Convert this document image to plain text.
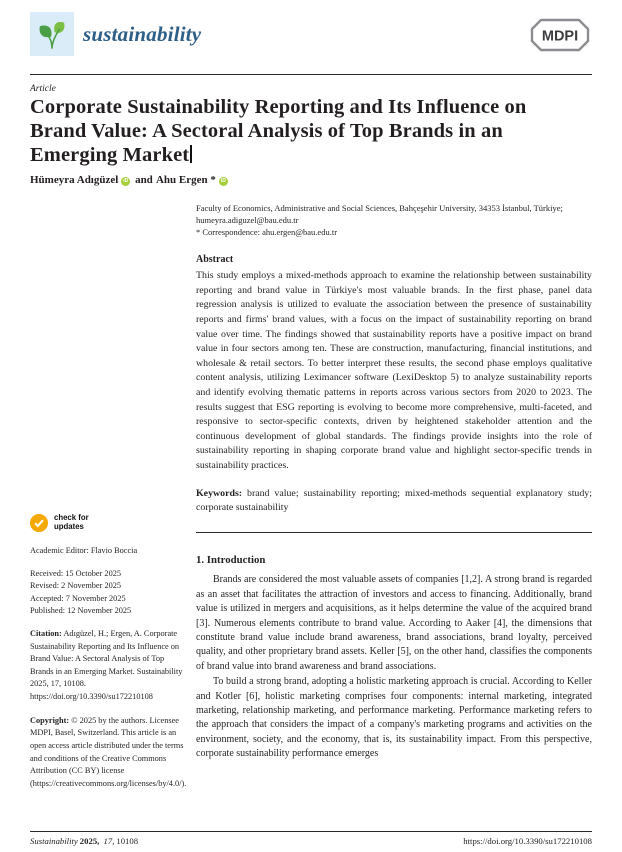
sustainability	MDPI
Article
Corporate Sustainability Reporting and Its Influence on Brand Value: A Sectoral Analysis of Top Brands in an Emerging Market
Hümeyra Adıgüzel iD and Ahu Ergen * iD
check for
updates
Academic Editor: Flavio Boccia
Received: 15 October 2025
Revised: 2 November 2025
Accepted: 7 November 2025
Published: 12 November 2025
Citation: Adıgüzel, H.; Ergen, A. Corporate Sustainability Reporting and Its Influence on Brand Value: A Sectoral Analysis of Top Brands in an Emerging Market. Sustainability 2025, 17, 10108. https://doi.org/10.3390/su172210108
Copyright: © 2025 by the authors. Licensee MDPI, Basel, Switzerland. This article is an open access article distributed under the terms and conditions of the Creative Commons Attribution (CC BY) license (https://creativecommons.org/licenses/by/4.0/).
Faculty of Economics, Administrative and Social Sciences, Bahçeşehir University, 34353 İstanbul, Türkiye; humeyra.adiguzel@bau.edu.tr
* Correspondence: ahu.ergen@bau.edu.tr
Abstract
This study employs a mixed-methods approach to examine the relationship between sustainability reporting and brand value in Türkiye's most valuable brands. In the first phase, panel data regression analysis is utilized to evaluate the association between the presence of sustainability reports and firms' brand values, with a focus on the impact of sustainability reporting on brand value over time. The findings showed that sustainability reports have a positive impact on brand value in four sectors among ten. These are construction, manufacturing, financial institutions, and wholesale & retail sectors. To better interpret these results, the second phase employs qualitative content analysis, utilizing Leximancer software (LexiDesktop 5) to analyze sustainability reports and identify evolving thematic patterns in reports across various sectors from 2020 to 2023. The results suggest that ESG reporting is evolving to become more comprehensive, multi-faceted, and responsive to sector-specific contexts, driven by heightened stakeholder attention and the continuous development of global standards. The findings provide insights into the role of sustainability reporting in shaping corporate brand value and highlight sector-specific trends in sustainability practices.
Keywords: brand value; sustainability reporting; mixed-methods sequential explanatory study; corporate sustainability
1. Introduction

Brands are considered the most valuable assets of companies [1,2]. A strong brand is regarded as an asset that facilitates the attraction of investors and access to financing. Additionally, brand value is utilized in mergers and acquisitions, as it helps determine the value of the acquired brand [3]. Numerous elements contribute to brand value. According to Aaker [4], the dimensions that constitute brand value include brand awareness, brand associations, brand loyalty, perceived quality, and other proprietary brand assets. Keller [5], on the other hand, classifies the components of brand value into brand awareness and brand associations.

To build a strong brand, adopting a holistic marketing approach is crucial. According to Keller and Kotler [6], holistic marketing comprises four components: internal marketing, integrated marketing, relationship marketing, and performance marketing. Performance marketing refers to the approach that considers the impact of a company's marketing programs and activities on the environment, society, and the economy, that is, its sustainability impact. From this perspective, corporate sustainability performance emerges

Sustainability 2025, 17, 10108	https://doi.org/10.3390/su172210108
